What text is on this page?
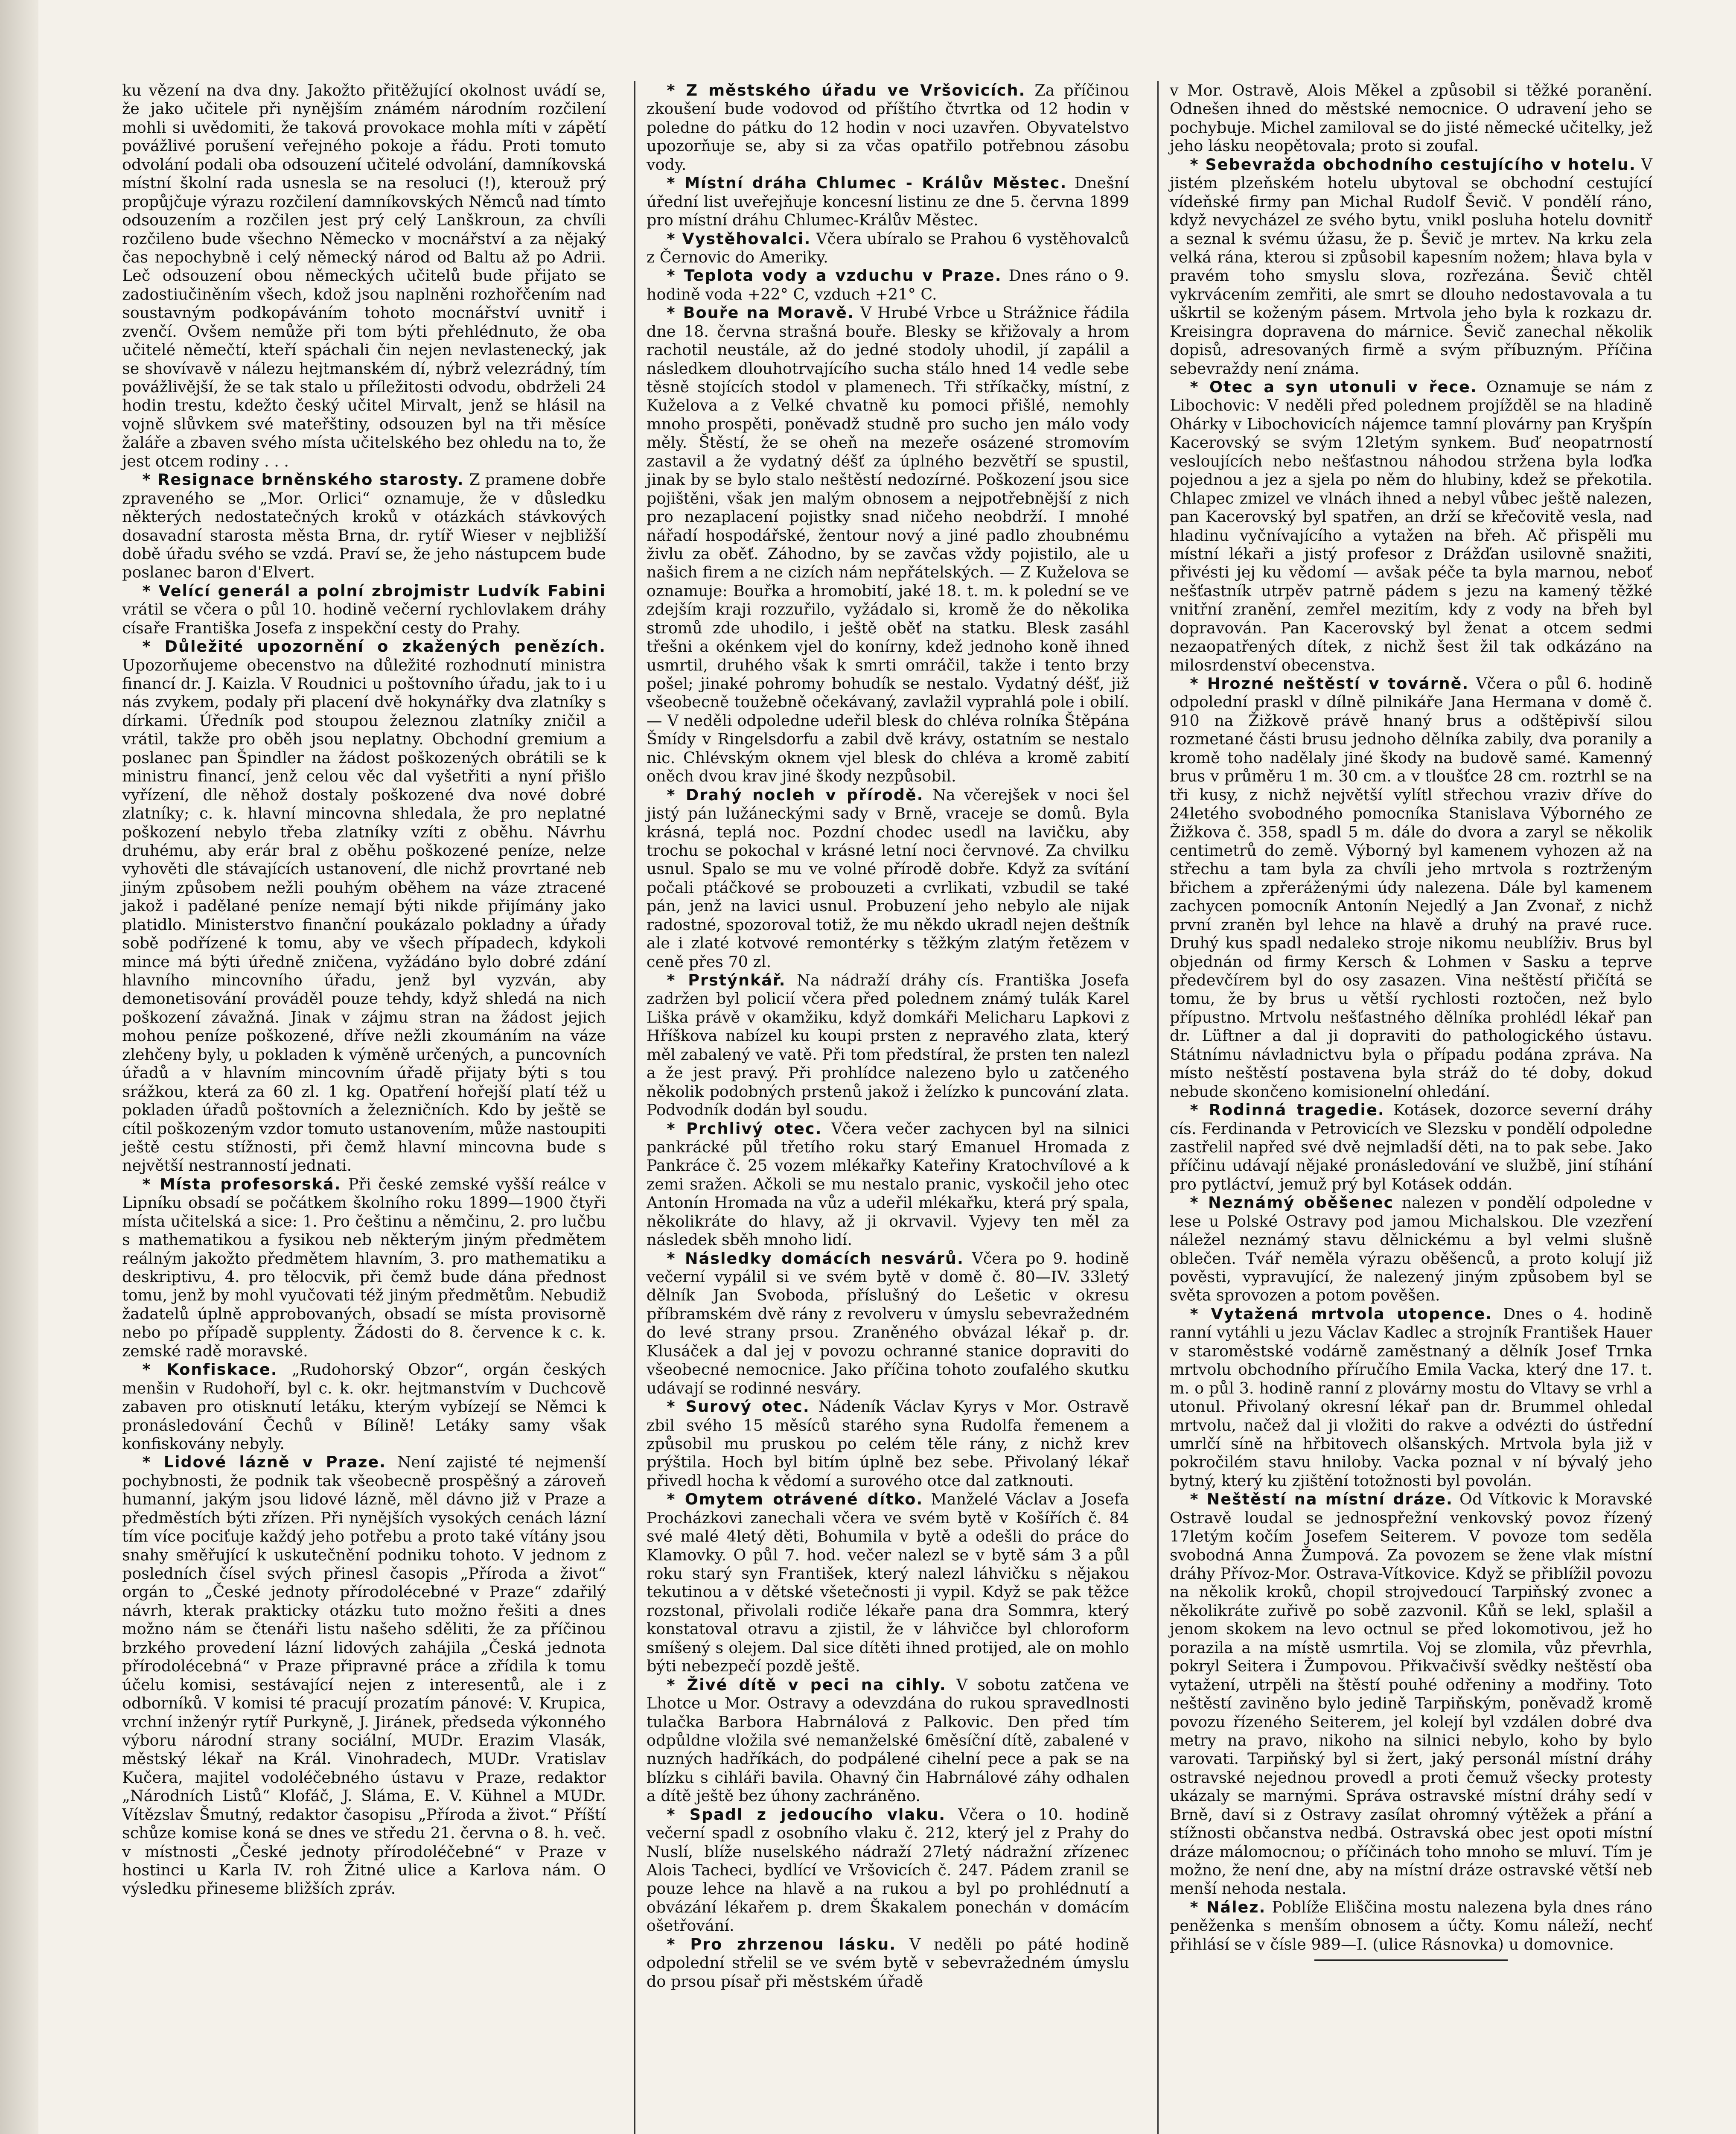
ku vězení na dva dny. Jakožto přitěžující okolnost uvádí se, že jako učitele při nynějším známém národním rozčilení mohli si uvědomiti, že taková provokace mohla míti v zápětí povážlivé porušení veřejného pokoje a řádu. Proti tomuto odvolání podali oba odsouzení učitelé odvolání, damníkovská místní školní rada usnesla se na resoluci (!), kterouž prý propůjčuje výrazu rozčilení damníkovských Němců nad tímto odsouzením a rozčilen jest prý celý Lanškroun, za chvíli rozčileno bude všechno Německo v mocnářství a za nějaký čas nepochybně i celý německý národ od Baltu až po Adrii. Leč odsouzení obou německých učitelů bude přijato se zadostiučiněním všech, kdož jsou naplněni rozhořčením nad soustavným podkopáváním tohoto mocnářství uvnitř i zvenčí. Ovšem nemůže při tom býti přehlédnuto, že oba učitelé němečtí, kteří spáchali čin nejen nevlastenecký, jak se shovívavě v nálezu hejtmanském dí, nýbrž velezrádný, tím povážlivější, že se tak stalo u příležitosti odvodu, obdrželi 24 hodin trestu, kdežto český učitel Mirvalt, jenž se hlásil na vojně slůvkem své mateřštiny, odsouzen byl na tři měsíce žaláře a zbaven svého místa učitelského bez ohledu na to, že jest otcem rodiny . . .

* Resignace brněnského starosty. Z pramene dobře zpraveného se „Mor. Orlici“ oznamuje, že v důsledku některých nedostatečných kroků v otázkách stávkových dosavadní starosta města Brna, dr. rytíř Wieser v nejbližší době úřadu svého se vzdá. Praví se, že jeho nástupcem bude poslanec baron d'Elvert.

* Velící generál a polní zbrojmistr Ludvík Fabini vrátil se včera o půl 10. hodině večerní rychlovlakem dráhy císaře Františka Josefa z inspekční cesty do Prahy.

* Důležité upozornění o zkažených penězích. Upozorňujeme obecenstvo na důležité rozhodnutí ministra financí dr. J. Kaizla. V Roudnici u poštovního úřadu, jak to i u nás zvykem, podaly při placení dvě hokynářky dva zlatníky s dírkami. Úředník pod stoupou železnou zlatníky zničil a vrátil, takže pro oběh jsou neplatny. Obchodní gremium a poslanec pan Špindler na žádost poškozených obrátili se k ministru financí, jenž celou věc dal vyšetřiti a nyní přišlo vyřízení, dle něhož dostaly poškozené dva nové dobré zlatníky; c. k. hlavní mincovna shledala, že pro neplatné poškození nebylo třeba zlatníky vzíti z oběhu. Návrhu druhému, aby erár bral z oběhu poškozené peníze, nelze vyhověti dle stávajících ustanovení, dle nichž provrtané neb jiným způsobem nežli pouhým oběhem na váze ztracené jakož i padělané peníze nemají býti nikde přijímány jako platidlo. Ministerstvo finanční poukázalo pokladny a úřady sobě podřízené k tomu, aby ve všech případech, kdykoli mince má býti úředně zničena, vyžádáno bylo dobré zdání hlavního mincovního úřadu, jenž byl vyzván, aby demonetisování prováděl pouze tehdy, když shledá na nich poškození závažná. Jinak v zájmu stran na žádost jejich mohou peníze poškozené, dříve nežli zkoumáním na váze zlehčeny byly, u pokladen k výměně určených, a puncovních úřadů a v hlavním mincovním úřadě přijaty býti s tou srážkou, která za 60 zl. 1 kg. Opatření hořejší platí též u pokladen úřadů poštovních a železničních. Kdo by ještě se cítil poškozeným vzdor tomuto ustanovením, může nastoupiti ještě cestu stížnosti, při čemž hlavní mincovna bude s největší nestranností jednati.

* Místa profesorská. Při české zemské vyšší reálce v Lipníku obsadí se počátkem školního roku 1899—1900 čtyři místa učitelská a sice: 1. Pro češtinu a němčinu, 2. pro lučbu s mathematikou a fysikou neb některým jiným předmětem reálným jakožto předmětem hlavním, 3. pro mathematiku a deskriptivu, 4. pro tělocvik, při čemž bude dána přednost tomu, jenž by mohl vyučovati též jiným předmětům. Nebudiž žadatelů úplně approbovaných, obsadí se místa provisorně nebo po případě supplenty. Žádosti do 8. července k c. k. zemské radě moravské.

* Konfiskace. „Rudohorský Obzor“, orgán českých menšin v Rudohoří, byl c. k. okr. hejtmanstvím v Duchcově zabaven pro otisknutí letáku, kterým vybízejí se Němci k pronásledování Čechů v Bílině! Letáky samy však konfiskovány nebyly.

* Lidové lázně v Praze. Není zajisté té nejmenší pochybnosti, že podnik tak všeobecně prospěšný a zároveň humanní, jakým jsou lidové lázně, měl dávno již v Praze a předměstích býti zřízen. Při nynějších vysokých cenách lázní tím více pociťuje každý jeho potřebu a proto také vítány jsou snahy směřující k uskutečnění podniku tohoto. V jednom z posledních čísel svých přinesl časopis „Příroda a život“ orgán to „České jednoty přírodolécebné v Praze“ zdařilý návrh, kterak prakticky otázku tuto možno řešiti a dnes možno nám se čtenáři listu našeho sděliti, že za příčinou brzkého provedení lázní lidových zahájila „Česká jednota přírodolécebná“ v Praze připravné práce a zřídila k tomu účelu komisi, sestávající nejen z interesentů, ale i z odborníků. V komisi té pracují prozatím pánové: V. Krupica, vrchní inženýr rytíř Purkyně, J. Jiránek, předseda výkonného výboru národní strany sociální, MUDr. Erazim Vlasák, městský lékař na Král. Vinohradech, MUDr. Vratislav Kučera, majitel vodoléčebného ústavu v Praze, redaktor „Národních Listů“ Klofáč, J. Sláma, E. V. Kühnel a MUDr. Vítězslav Šmutný, redaktor časopisu „Příroda a život.“ Příští schůze komise koná se dnes ve středu 21. června o 8. h. več. v místnosti „České jednoty přírodoléčebné“ v Praze v hostinci u Karla IV. roh Žitné ulice a Karlova nám. O výsledku přineseme bližších zpráv.

* Z městského úřadu ve Vršovicích. Za příčinou zkoušení bude vodovod od příštího čtvrtka od 12 hodin v poledne do pátku do 12 hodin v noci uzavřen. Obyvatelstvo upozorňuje se, aby si za včas opatřilo potřebnou zásobu vody.

* Místní dráha Chlumec - Králův Městec. Dnešní úřední list uveřejňuje koncesní listinu ze dne 5. června 1899 pro místní dráhu Chlumec-Králův Městec.

* Vystěhovalci. Včera ubíralo se Prahou 6 vystěhovalců z Černovic do Ameriky.

* Teplota vody a vzduchu v Praze. Dnes ráno o 9. hodině voda +22° C, vzduch +21° C.

* Bouře na Moravě. V Hrubé Vrbce u Strážnice řádila dne 18. června strašná bouře. Blesky se křižovaly a hrom rachotil neustále, až do jedné stodoly uhodil, jí zapálil a následkem dlouhotrvajícího sucha stálo hned 14 vedle sebe těsně stojících stodol v plamenech. Tři stříkačky, místní, z Kuželova a z Velké chvatně ku pomoci přišlé, nemohly mnoho prospěti, poněvadž studně pro sucho jen málo vody měly. Štěstí, že se oheň na mezeře osázené stromovím zastavil a že vydatný déšť za úplného bezvětří se spustil, jinak by se bylo stalo neštěstí nedozírné. Poškození jsou sice pojištěni, však jen malým obnosem a nejpotřebnější z nich pro nezaplacení pojistky snad ničeho neobdrží. I mnohé nářadí hospodářské, žentour nový a jiné padlo zhoubnému živlu za oběť. Záhodno, by se zavčas vždy pojistilo, ale u našich firem a ne cizích nám nepřátelských. — Z Kuželova se oznamuje: Bouřka a hromobití, jaké 18. t. m. k polední se ve zdejším kraji rozzuřilo, vyžádalo si, kromě že do několika stromů zde uhodilo, i ještě oběť na statku. Blesk zasáhl třešni a okénkem vjel do konírny, kdež jednoho koně ihned usmrtil, druhého však k smrti omráčil, takže i tento brzy pošel; jinaké pohromy bohudík se nestalo. Vydatný déšť, již všeobecně toužebně očekávaný, zavlažil vyprahlá pole i obilí. — V neděli odpoledne udeřil blesk do chléva rolníka Štěpána Šmídy v Ringelsdorfu a zabil dvě krávy, ostatním se nestalo nic. Chlévským oknem vjel blesk do chléva a kromě zabití oněch dvou krav jiné škody nezpůsobil.

* Drahý nocleh v přírodě. Na včerejšek v noci šel jistý pán lužáneckými sady v Brně, vraceje se domů. Byla krásná, teplá noc. Pozdní chodec usedl na lavičku, aby trochu se pokochal v krásné letní noci červnové. Za chvilku usnul. Spalo se mu ve volné přírodě dobře. Když za svítání počali ptáčkové se probouzeti a cvrlikati, vzbudil se také pán, jenž na lavici usnul. Probuzení jeho nebylo ale nijak radostné, spozoroval totiž, že mu někdo ukradl nejen deštník ale i zlaté kotvové remontérky s těžkým zlatým řetězem v ceně přes 70 zl.

* Prstýnkář. Na nádraží dráhy cís. Františka Josefa zadržen byl policií včera před polednem známý tulák Karel Liška právě v okamžiku, když domkáři Melicharu Lapkovi z Hříškova nabízel ku koupi prsten z nepravého zlata, který měl zabalený ve vatě. Při tom předstíral, že prsten ten nalezl a že jest pravý. Při prohlídce nalezeno bylo u zatčeného několik podobných prstenů jakož i želízko k puncování zlata. Podvodník dodán byl soudu.

* Prchlivý otec. Včera večer zachycen byl na silnici pankrácké půl třetího roku starý Emanuel Hromada z Pankráce č. 25 vozem mlékařky Kateřiny Kratochvílové a k zemi sražen. Ačkoli se mu nestalo pranic, vyskočil jeho otec Antonín Hromada na vůz a udeřil mlékařku, která prý spala, několikráte do hlavy, až ji okrvavil. Vyjevy ten měl za následek sběh mnoho lidí.

* Následky domácích nesvárů. Včera po 9. hodině večerní vypálil si ve svém bytě v domě č. 80—IV. 33letý dělník Jan Svoboda, příslušný do Lešetic v okresu příbramském dvě rány z revolveru v úmyslu sebevražedném do levé strany prsou. Zraněného obvázal lékař p. dr. Klusáček a dal jej v povozu ochranné stanice dopraviti do všeobecné nemocnice. Jako příčina tohoto zoufalého skutku udávají se rodinné nesváry.

* Surový otec. Nádeník Václav Kyrys v Mor. Ostravě zbil svého 15 měsíců starého syna Rudolfa řemenem a způsobil mu pruskou po celém těle rány, z nichž krev prýštila. Hoch byl bitím úplně bez sebe. Přivolaný lékař přivedl hocha k vědomí a surového otce dal zatknouti.

* Omytem otrávené dítko. Manželé Václav a Josefa Procházkovi zanechali včera ve svém bytě v Košířích č. 84 své malé 4letý děti, Bohumila v bytě a odešli do práce do Klamovky. O půl 7. hod. večer nalezl se v bytě sám 3 a půl roku starý syn František, který nalezl láhvičku s nějakou tekutinou a v dětské všetečnosti ji vypil. Když se pak těžce rozstonal, přivolali rodiče lékaře pana dra Sommra, který konstatoval otravu a zjistil, že v láhvičce byl chloroform smíšený s olejem. Dal sice dítěti ihned protijed, ale on mohlo býti nebezpečí pozdě ještě.

* Živé dítě v peci na cihly. V sobotu zatčena ve Lhotce u Mor. Ostravy a odevzdána do rukou spravedlnosti tulačka Barbora Habrnálová z Palkovic. Den před tím odpůldne vložila své nemanželské 6měsíční dítě, zabalené v nuzných hadříkách, do podpálené cihelní pece a pak se na blízku s cihláři bavila. Ohavný čin Habrnálové záhy odhalen a dítě ještě bez úhony zachráněno.

* Spadl z jedoucího vlaku. Včera o 10. hodině večerní spadl z osobního vlaku č. 212, který jel z Prahy do Nuslí, blíže nuselského nádraží 27letý nádražní zřízenec Alois Tacheci, bydlící ve Vršovicích č. 247. Pádem zranil se pouze lehce na hlavě a na rukou a byl po prohlédnutí a obvázání lékařem p. drem Škakalem ponechán v domácím ošetřování.

* Pro zhrzenou lásku. V neděli po páté hodině odpolední střelil se ve svém bytě v sebevražedném úmyslu do prsou písař při městském úřadě

v Mor. Ostravě, Alois Měkel a způsobil si těžké poranění. Odnešen ihned do městské nemocnice. O udravení jeho se pochybuje. Michel zamiloval se do jisté německé učitelky, jež jeho lásku neopětovala; proto si zoufal.

* Sebevražda obchodního cestujícího v hotelu. V jistém plzeňském hotelu ubytoval se obchodní cestující vídeňské firmy pan Michal Rudolf Ševič. V pondělí ráno, když nevycházel ze svého bytu, vnikl posluha hotelu dovnitř a seznal k svému úžasu, že p. Ševič je mrtev. Na krku zela velká rána, kterou si způsobil kapesním nožem; hlava byla v pravém toho smyslu slova, rozřezána. Ševič chtěl vykrvácením zemřiti, ale smrt se dlouho nedostavovala a tu uškrtil se koženým pásem. Mrtvola jeho byla k rozkazu dr. Kreisingra dopravena do márnice. Ševič zanechal několik dopisů, adresovaných firmě a svým příbuzným. Příčina sebevraždy není známa.

* Otec a syn utonuli v řece. Oznamuje se nám z Libochovic: V neděli před polednem projížděl se na hladině Ohárky v Libochovicích nájemce tamní plovárny pan Kryšpín Kacerovský se svým 12letým synkem. Buď neopatrností vesloujících nebo nešťastnou náhodou stržena byla loďka pojednou a jez a sjela po něm do hlubiny, kdež se překotila. Chlapec zmizel ve vlnách ihned a nebyl vůbec ještě nalezen, pan Kacerovský byl spatřen, an drží se křečovitě vesla, nad hladinu vyčnívajícího a vytažen na břeh. Ač přispěli mu místní lékaři a jistý profesor z Drážďan usilovně snažiti, přivésti jej ku vědomí — avšak péče ta byla marnou, neboť nešťastník utrpěv patrně pádem s jezu na kamený těžké vnitřní zranění, zemřel mezitím, kdy z vody na břeh byl dopravován. Pan Kacerovský byl ženat a otcem sedmi nezaopatřených dítek, z nichž šest žil tak odkázáno na milosrdenství obecenstva.

* Hrozné neštěstí v továrně. Včera o půl 6. hodině odpolední praskl v dílně pilnikáře Jana Hermana v domě č. 910 na Žižkově právě hnaný brus a odštěpivší silou rozmetané části brusu jednoho dělníka zabily, dva poranily a kromě toho nadělaly jiné škody na budově samé. Kamenný brus v průměru 1 m. 30 cm. a v tloušťce 28 cm. roztrhl se na tři kusy, z nichž největší vylítl střechou vraziv dříve do 24letého svobodného pomocníka Stanislava Výborného ze Žižkova č. 358, spadl 5 m. dále do dvora a zaryl se několik centimetrů do země. Výborný byl kamenem vyhozen až na střechu a tam byla za chvíli jeho mrtvola s roztrženým břichem a zpřeráženými údy nalezena. Dále byl kamenem zachycen pomocník Antonín Nejedlý a Jan Zvonař, z nichž první zraněn byl lehce na hlavě a druhý na pravé ruce. Druhý kus spadl nedaleko stroje nikomu neublíživ. Brus byl objednán od firmy Kersch & Lohmen v Sasku a teprve předevčírem byl do osy zasazen. Vina neštěstí přičítá se tomu, že by brus u větší rychlosti roztočen, než bylo přípustno. Mrtvolu nešťastného dělníka prohlédl lékař pan dr. Lüftner a dal ji dopraviti do pathologického ústavu. Státnímu návladnictvu byla o případu podána zpráva. Na místo neštěstí postavena byla stráž do té doby, dokud nebude skončeno komisionelní ohledání.

* Rodinná tragedie. Kotásek, dozorce severní dráhy cís. Ferdinanda v Petrovicích ve Slezsku v pondělí odpoledne zastřelil napřed své dvě nejmladší děti, na to pak sebe. Jako příčinu udávají nějaké pronásledování ve službě, jiní stíhání pro pytláctví, jemuž prý byl Kotásek oddán.

* Neznámý oběšenec nalezen v pondělí odpoledne v lese u Polské Ostravy pod jamou Michalskou. Dle vzezření náležel neznámý stavu dělnickému a byl velmi slušně oblečen. Tvář neměla výrazu oběšenců, a proto kolují již pověsti, vypravující, že nalezený jiným způsobem byl se světa sprovozen a potom pověšen.

* Vytažená mrtvola utopence. Dnes o 4. hodině ranní vytáhli u jezu Václav Kadlec a strojník František Hauer v staroměstské vodárně zaměstnaný a dělník Josef Trnka mrtvolu obchodního příručího Emila Vacka, který dne 17. t. m. o půl 3. hodině ranní z plovárny mostu do Vltavy se vrhl a utonul. Přivolaný okresní lékař pan dr. Brummel ohledal mrtvolu, načež dal ji vložiti do rakve a odvézti do ústřední umrlčí síně na hřbitovech olšanských. Mrtvola byla již v pokročilém stavu hniloby. Vacka poznal v ní bývalý jeho bytný, který ku zjištění totožnosti byl povolán.

* Neštěstí na místní dráze. Od Vítkovic k Moravské Ostravě loudal se jednospřežní venkovský povoz řízený 17letým kočím Josefem Seiterem. V povoze tom seděla svobodná Anna Žumpová. Za povozem se žene vlak místní dráhy Přívoz-Mor. Ostrava-Vítkovice. Když se přiblížil povozu na několik kroků, chopil strojvedoucí Tarpiňský zvonec a několikráte zuřivě po sobě zazvonil. Kůň se lekl, splašil a jenom skokem na levo octnul se před lokomotivou, jež ho porazila a na místě usmrtila. Voj se zlomila, vůz převrhla, pokryl Seitera i Žumpovou. Přikvačivší svědky neštěstí oba vytažení, utrpěli na štěstí pouhé odřeniny a modřiny. Toto neštěstí zaviněno bylo jedině Tarpiňským, poněvadž kromě povozu řízeného Seiterem, jel kolejí byl vzdálen dobré dva metry na pravo, nikoho na silnici nebylo, koho by bylo varovati. Tarpiňský byl si žert, jaký personál místní dráhy ostravské nejednou provedl a proti čemuž všecky protesty ukázaly se marnými. Správa ostravské místní dráhy sedí v Brně, daví si z Ostravy zasílat ohromný výtěžek a přání a stížnosti občanstva nedbá. Ostravská obec jest opoti místní dráze málomocnou; o příčinách toho mnoho se mluví. Tím je možno, že není dne, aby na místní dráze ostravské větší neb menší nehoda nestala.

* Nález. Poblíže Eliščina mostu nalezena byla dnes ráno peněženka s menším obnosem a účty. Komu náleží, nechť přihlásí se v čísle 989—I. (ulice Rásnovka) u domovnice.
